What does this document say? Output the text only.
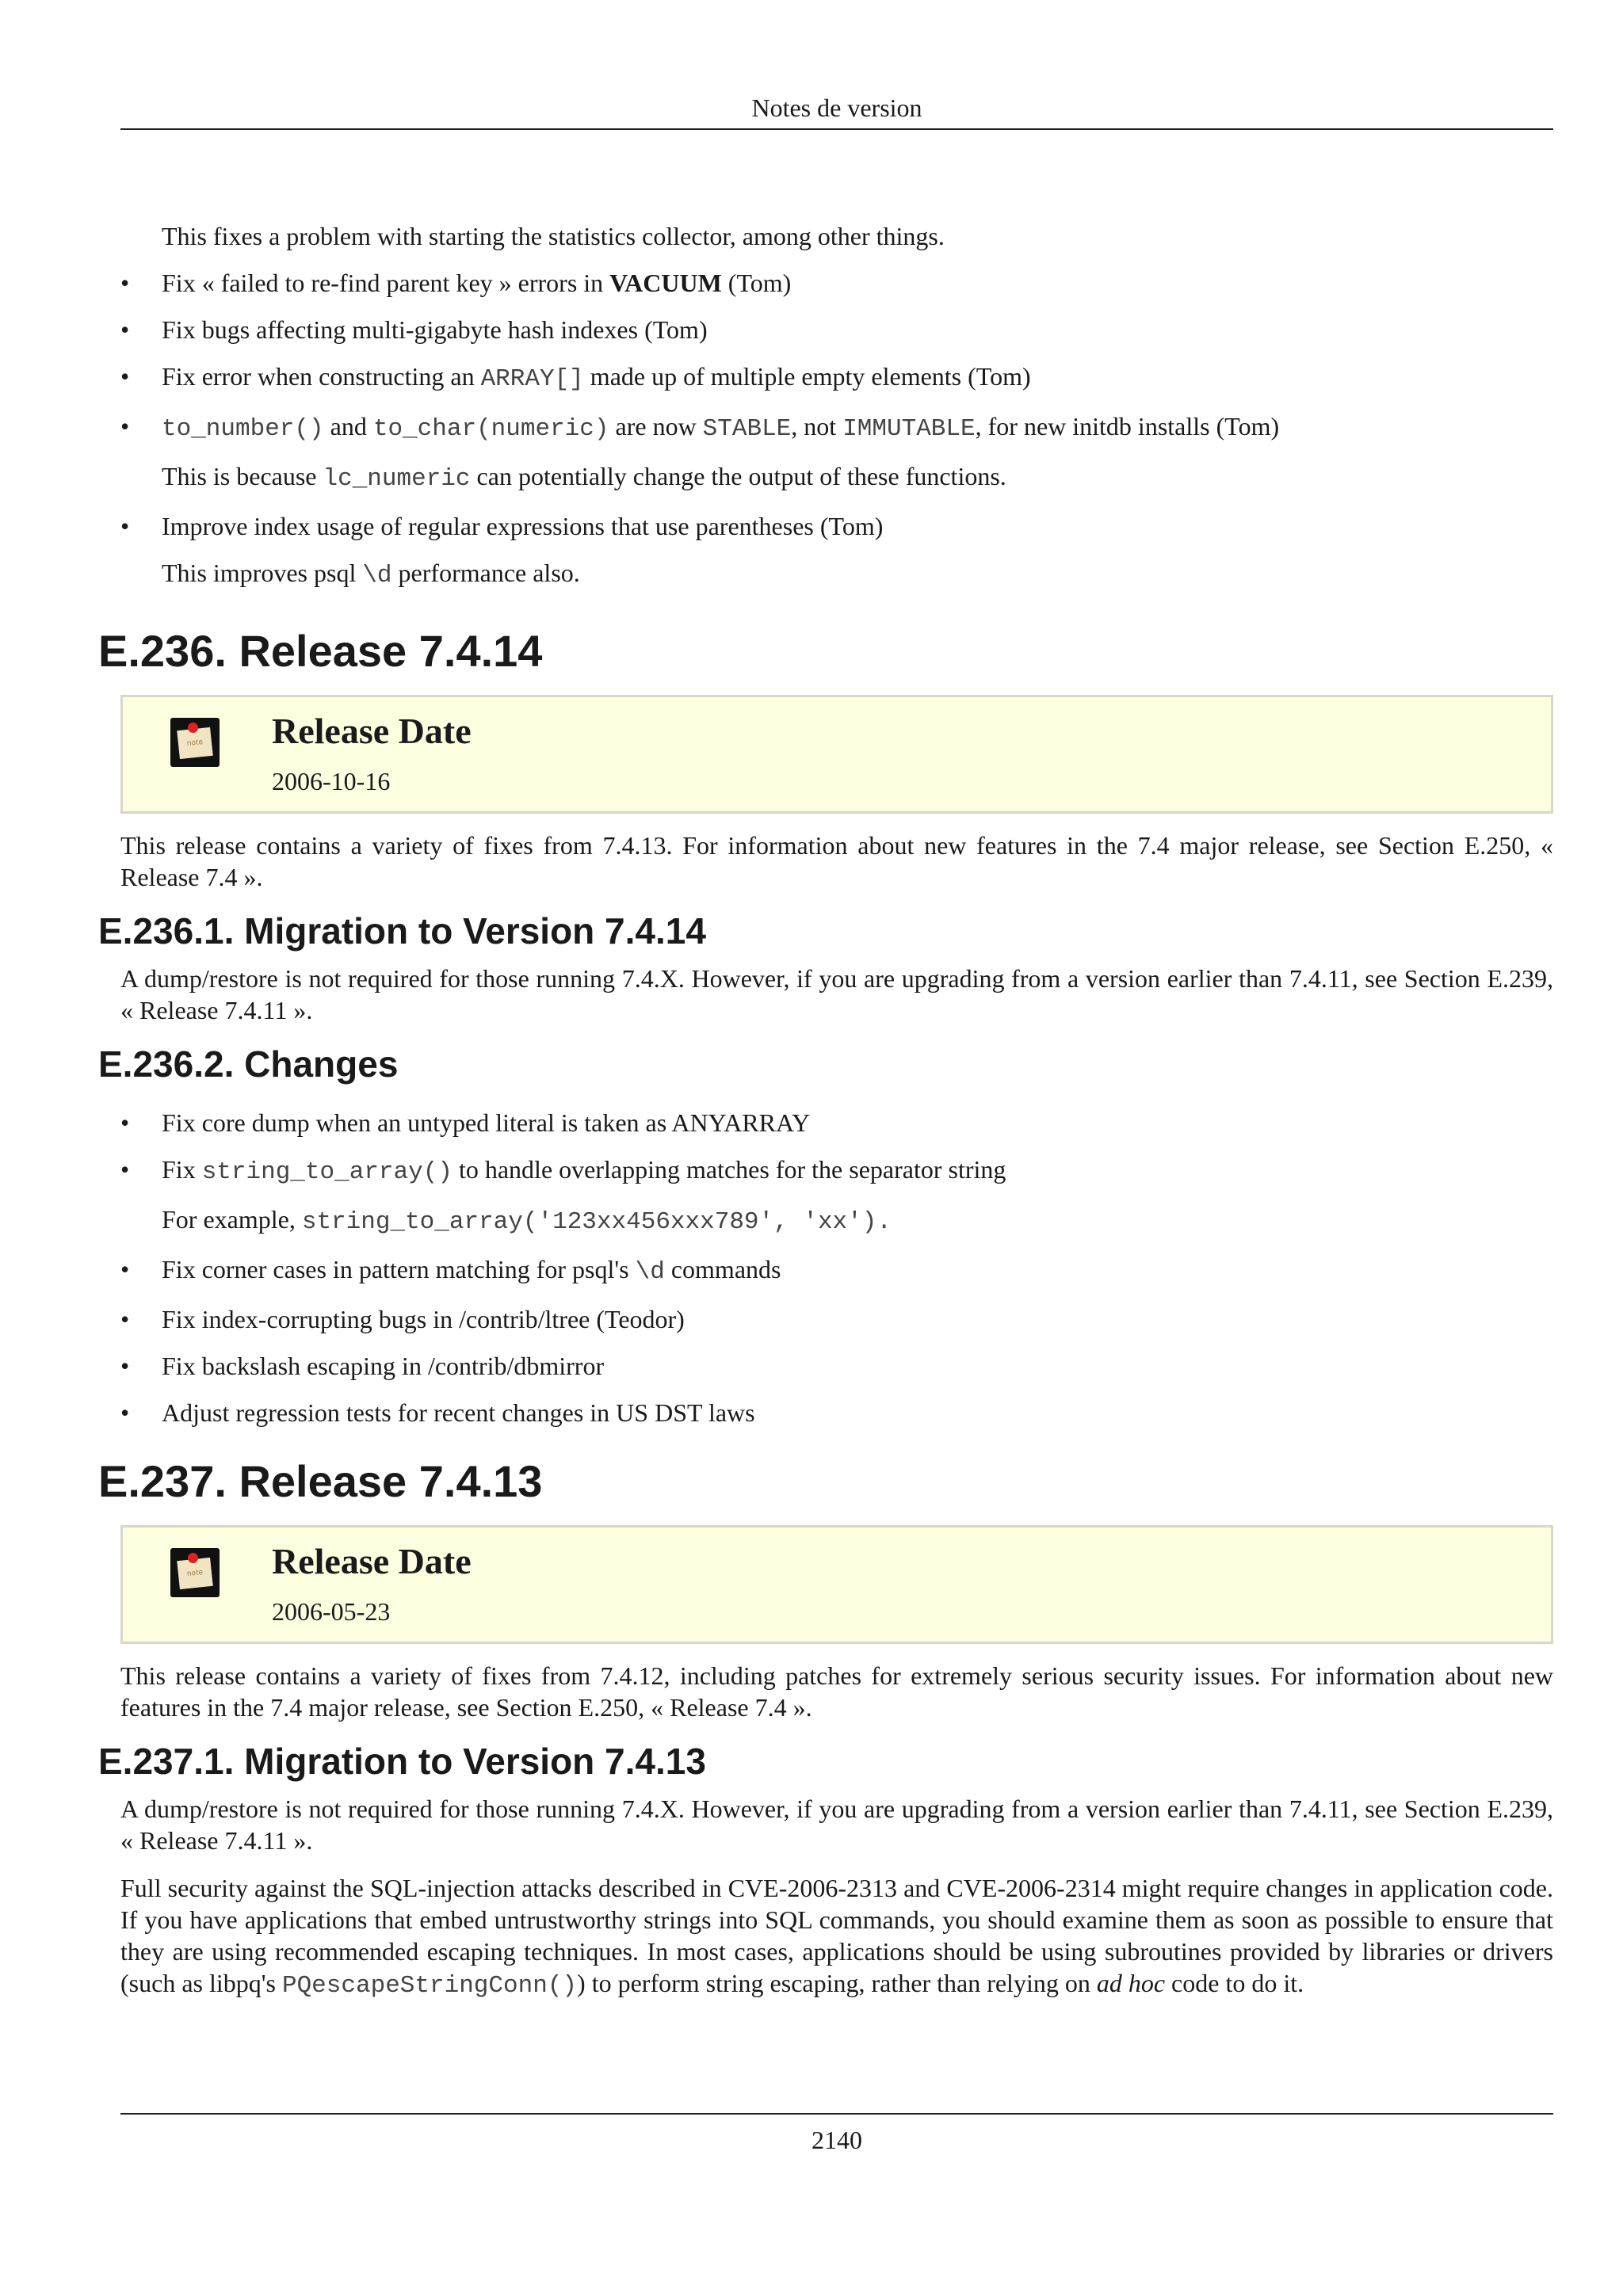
Notes de version

This fixes a problem with starting the statistics collector, among other things.

• Fix « failed to re-find parent key » errors in VACUUM (Tom)
• Fix bugs affecting multi-gigabyte hash indexes (Tom)
• Fix error when constructing an ARRAY[] made up of multiple empty elements (Tom)
• to_number() and to_char(numeric) are now STABLE, not IMMUTABLE, for new initdb installs (Tom)
This is because lc_numeric can potentially change the output of these functions.
• Improve index usage of regular expressions that use parentheses (Tom)
This improves psql \d performance also.
E.236. Release 7.4.14
note Release Date
2006-10-16

This release contains a variety of fixes from 7.4.13. For information about new features in the 7.4 major release, see Section E.250, « Release 7.4 ».

E.236.1. Migration to Version 7.4.14

A dump/restore is not required for those running 7.4.X. However, if you are upgrading from a version earlier than 7.4.11, see Section E.239, « Release 7.4.11 ».

E.236.2. Changes
• Fix core dump when an untyped literal is taken as ANYARRAY
• Fix string_to_array() to handle overlapping matches for the separator string
For example, string_to_array('123xx456xxx789', 'xx').
• Fix corner cases in pattern matching for psql's \d commands
• Fix index-corrupting bugs in /contrib/ltree (Teodor)
• Fix backslash escaping in /contrib/dbmirror
• Adjust regression tests for recent changes in US DST laws
E.237. Release 7.4.13
note Release Date
2006-05-23

This release contains a variety of fixes from 7.4.12, including patches for extremely serious security issues. For information about new features in the 7.4 major release, see Section E.250, « Release 7.4 ».

E.237.1. Migration to Version 7.4.13

A dump/restore is not required for those running 7.4.X. However, if you are upgrading from a version earlier than 7.4.11, see Section E.239, « Release 7.4.11 ».

Full security against the SQL-injection attacks described in CVE-2006-2313 and CVE-2006-2314 might require changes in application code. If you have applications that embed untrustworthy strings into SQL commands, you should examine them as soon as possible to ensure that they are using recommended escaping techniques. In most cases, applications should be using subroutines provided by libraries or drivers (such as libpq's PQescapeStringConn()) to perform string escaping, rather than relying on ad hoc code to do it.

2140
